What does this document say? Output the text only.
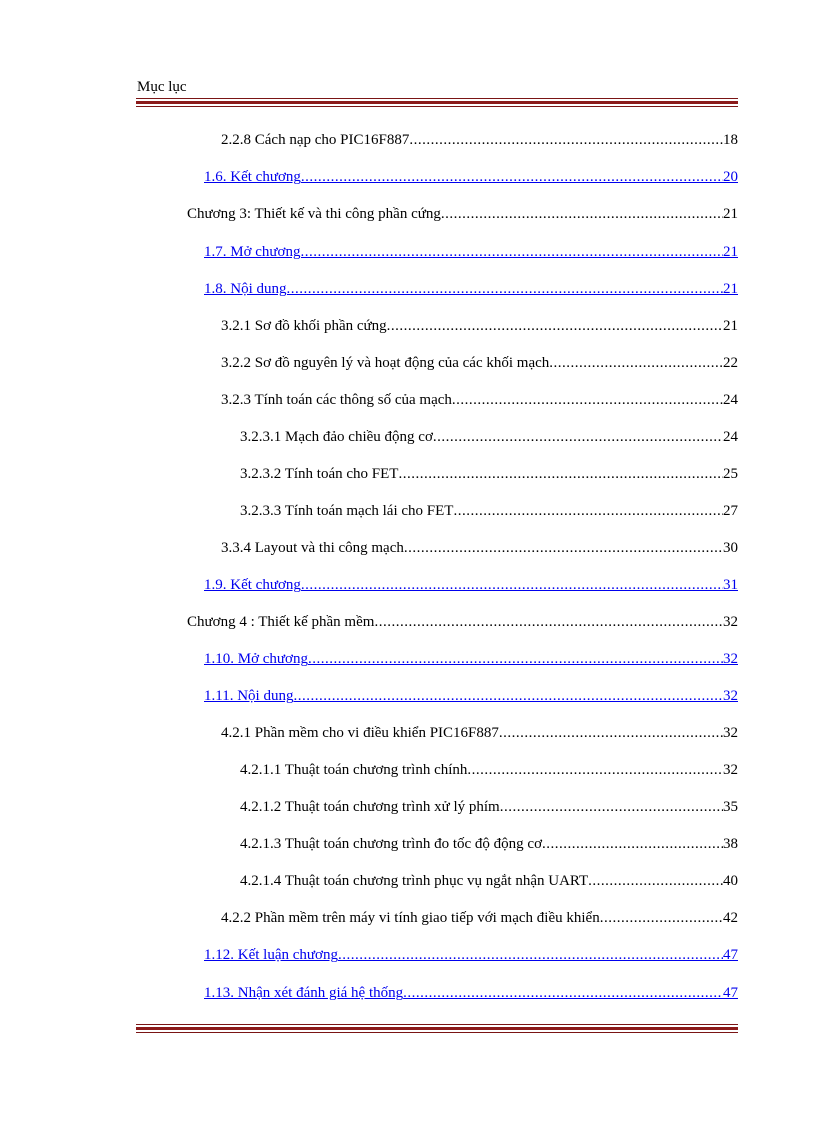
Mục lục
2.2.8 Cách nạp cho PIC16F887 .....	18
1.6. Kết chương .....	20
Chương 3: Thiết kế và thi công phần cứng .....	21
1.7. Mở chương .....	21
1.8. Nội dung .....	21
3.2.1 Sơ đồ khối phần cứng .....	21
3.2.2 Sơ đồ nguyên lý và hoạt động của các khối mạch .....	22
3.2.3 Tính toán các thông số của mạch .....	24
3.2.3.1 Mạch đảo chiều động cơ .....	24
3.2.3.2 Tính toán cho FET .....	25
3.2.3.3 Tính toán mạch lái cho FET .....	27
3.3.4 Layout và thi công mạch .....	30
1.9. Kết chương .....	31
Chương 4 : Thiết kế phần mềm .....	32
1.10. Mở chương .....	32
1.11. Nội dung .....	32
4.2.1 Phần mềm cho vi điều khiển PIC16F887 .....	32
4.2.1.1 Thuật toán chương trình chính .....	32
4.2.1.2 Thuật toán chương trình xử lý phím .....	35
4.2.1.3 Thuật toán chương trình đo tốc độ động cơ .....	38
4.2.1.4 Thuật toán chương trình phục vụ ngắt nhận UART .....	40
4.2.2 Phần mềm trên máy vi tính giao tiếp với mạch điều khiển .....	42
1.12. Kết luận chương .....	47
1.13. Nhận xét đánh giá hệ thống .....	47
